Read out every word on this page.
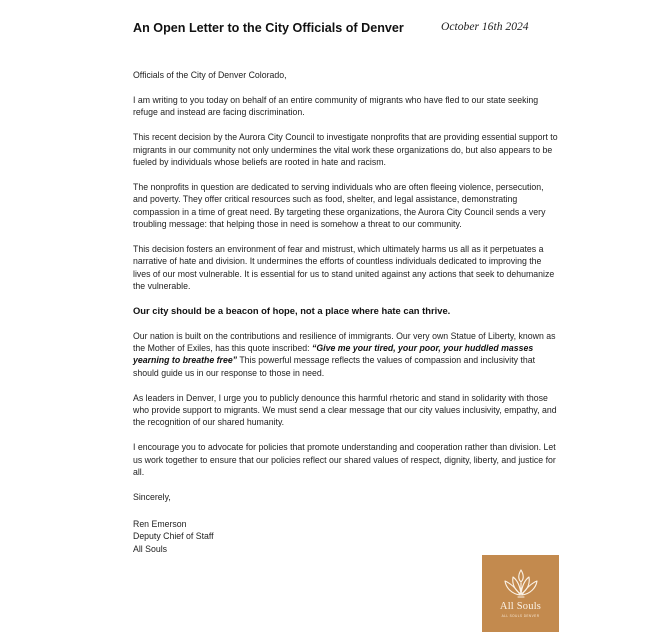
An Open Letter to the City Officials of Denver	October 16th 2024

Officials of the City of Denver Colorado,

I am writing to you today on behalf of an entire community of migrants who have fled to our state seeking refuge and instead are facing discrimination.

This recent decision by the Aurora City Council to investigate nonprofits that are providing essential support to migrants in our community not only undermines the vital work these organizations do, but also appears to be fueled by individuals whose beliefs are rooted in hate and racism.

The nonprofits in question are dedicated to serving individuals who are often fleeing violence, persecution, and poverty. They offer critical resources such as food, shelter, and legal assistance, demonstrating compassion in a time of great need. By targeting these organizations, the Aurora City Council sends a very troubling message: that helping those in need is somehow a threat to our community.

This decision fosters an environment of fear and mistrust, which ultimately harms us all as it perpetuates a narrative of hate and division. It undermines the efforts of countless individuals dedicated to improving the lives of our most vulnerable. It is essential for us to stand united against any actions that seek to dehumanize the vulnerable.

Our city should be a beacon of hope, not a place where hate can thrive.

Our nation is built on the contributions and resilience of immigrants. Our very own Statue of Liberty, known as the Mother of Exiles, has this quote inscribed: “Give me your tired, your poor, your huddled masses yearning to breathe free” This powerful message reflects the values of compassion and inclusivity that should guide us in our response to those in need.

As leaders in Denver, I urge you to publicly denounce this harmful rhetoric and stand in solidarity with those who provide support to migrants. We must send a clear message that our city values inclusivity, empathy, and the recognition of our shared humanity.

I encourage you to advocate for policies that promote understanding and cooperation rather than division. Let us work together to ensure that our policies reflect our shared values of respect, dignity, liberty, and justice for all.

Sincerely,

Ren Emerson

Deputy Chief of Staff

All Souls

All Souls
ALL SOULS DENVER
